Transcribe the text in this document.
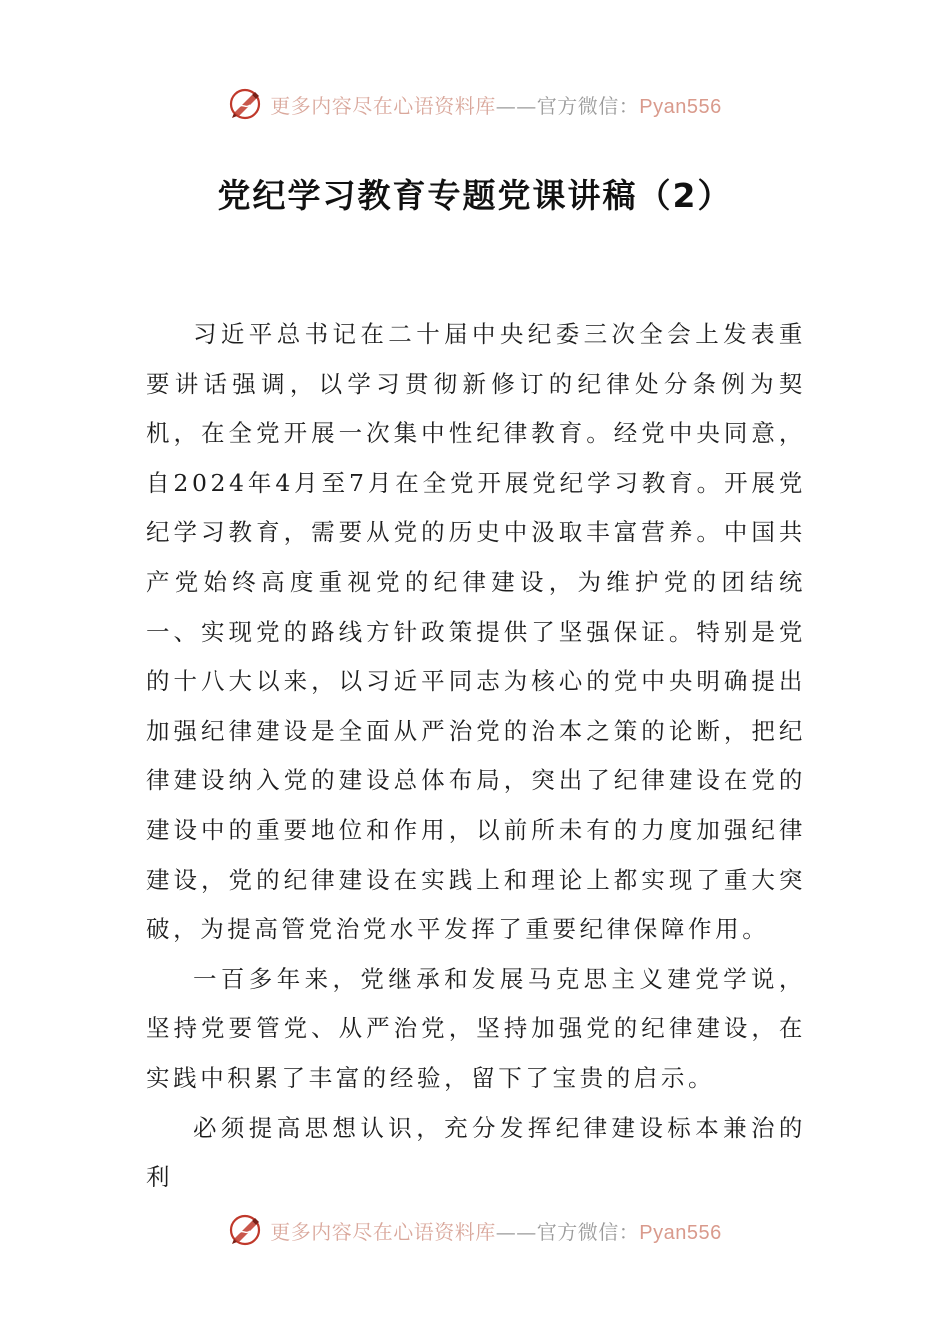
更多内容尽在心语资料库 —— 官方微信： Pyan556
党纪学习教育专题党课讲稿（2）

习近平总书记在二十届中央纪委三次全会上发表重要讲话强调，以学习贯彻新修订的纪律处分条例为契机，在全党开展一次集中性纪律教育。经党中央同意，自2024年4月至7月在全党开展党纪学习教育。开展党纪学习教育，需要从党的历史中汲取丰富营养。中国共产党始终高度重视党的纪律建设，为维护党的团结统一、实现党的路线方针政策提供了坚强保证。特别是党的十八大以来，以习近平同志为核心的党中央明确提出加强纪律建设是全面从严治党的治本之策的论断，把纪律建设纳入党的建设总体布局，突出了纪律建设在党的建设中的重要地位和作用，以前所未有的力度加强纪律建设，党的纪律建设在实践上和理论上都实现了重大突破，为提高管党治党水平发挥了重要纪律保障作用。

一百多年来，党继承和发展马克思主义建党学说，坚持党要管党、从严治党，坚持加强党的纪律建设，在实践中积累了丰富的经验，留下了宝贵的启示。

必须提高思想认识，充分发挥纪律建设标本兼治的利

更多内容尽在心语资料库 —— 官方微信： Pyan556
